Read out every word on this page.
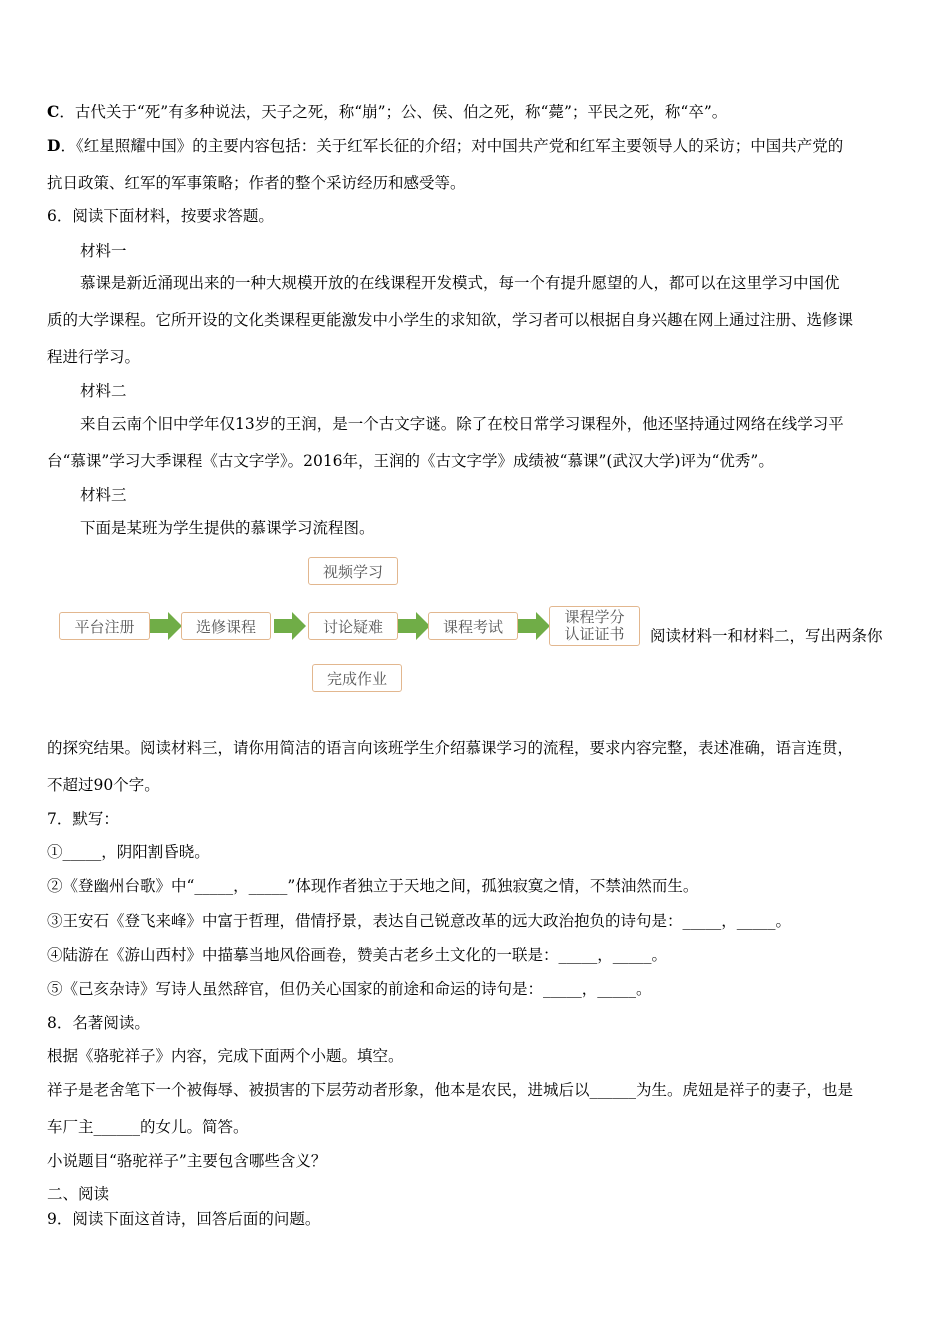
C．古代关于“死”有多种说法，天子之死，称“崩”；公、侯、伯之死，称“薨”；平民之死，称“卒”。
D．《红星照耀中国》的主要内容包括：关于红军长征的介绍；对中国共产党和红军主要领导人的采访；中国共产党的
抗日政策、红军的军事策略；作者的整个采访经历和感受等。
6．阅读下面材料，按要求答题。
材料一
慕课是新近涌现出来的一种大规模开放的在线课程开发模式，每一个有提升愿望的人，都可以在这里学习中国优
质的大学课程。它所开设的文化类课程更能激发中小学生的求知欲，学习者可以根据自身兴趣在网上通过注册、选修课
程进行学习。
材料二
来自云南个旧中学年仅13岁的王润，是一个古文字谜。除了在校日常学习课程外，他还坚持通过网络在线学习平
台“慕课”学习大季课程《古文字学》。2016年，王润的《古文字学》成绩被“慕课”(武汉大学)评为“优秀”。
材料三
下面是某班为学生提供的慕课学习流程图。
视频学习
平台注册	选修课程	讨论疑难	课程考试
课程学分
认证证书
完成作业
阅读材料一和材料二，写出两条你
的探究结果。阅读材料三，请你用简洁的语言向该班学生介绍慕课学习的流程，要求内容完整，表述准确，语言连贯，
不超过90个字。
7．默写：
①_____，阴阳割昏晓。
②《登幽州台歌》中“_____，_____”体现作者独立于天地之间，孤独寂寞之情，不禁油然而生。
③王安石《登飞来峰》中富于哲理，借情抒景，表达自己锐意改革的远大政治抱负的诗句是：_____，_____。
④陆游在《游山西村》中描摹当地风俗画卷，赞美古老乡土文化的一联是：_____，_____。
⑤《己亥杂诗》写诗人虽然辞官，但仍关心国家的前途和命运的诗句是：_____，_____。
8．名著阅读。
根据《骆驼祥子》内容，完成下面两个小题。填空。
祥子是老舍笔下一个被侮辱、被损害的下层劳动者形象，他本是农民，进城后以______为生。虎妞是祥子的妻子，也是
车厂主______的女儿。简答。
小说题目“骆驼祥子”主要包含哪些含义？
二、阅读
9．阅读下面这首诗，回答后面的问题。
